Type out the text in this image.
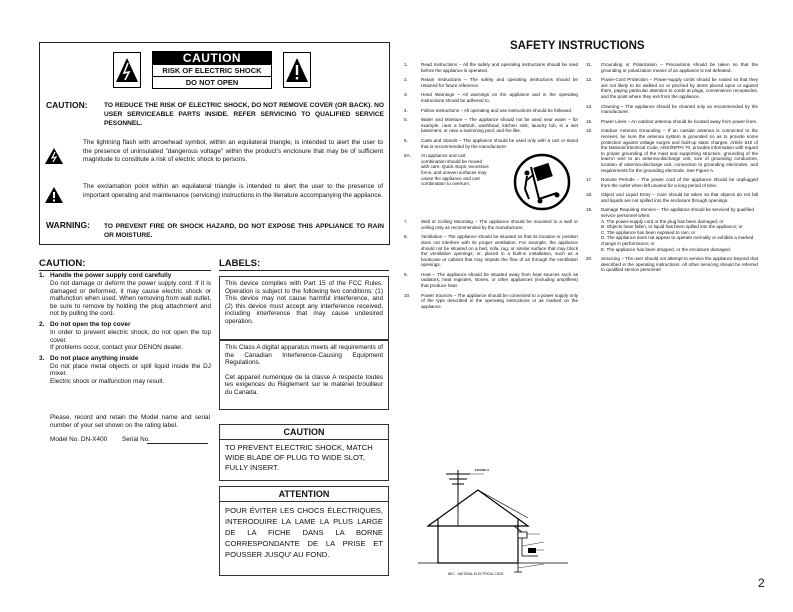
CAUTION
RISK OF ELECTRIC SHOCK
DO NOT OPEN
CAUTION: TO REDUCE THE RISK OF ELECTRIC SHOCK, DO NOT REMOVE COVER (OR BACK). NO USER SERVICEABLE PARTS INSIDE. REFER SERVICING TO QUALIFIED SERVICE PESONNEL.
The lightning flash with arrowhead symbol, within an equilateral triangle, is intended to alert the user to the presence of uninsulated "dangerous voltage" within the product's enclosure that may be of sufficient magnitude to constitute a risk of electric shock to persons.
The exclamation point within an equilateral triangle is intended to alert the user to the presence of important operating and maintenance (servicing) instructions in the literature accompanying the appliance.
WARNING: TO PREVENT FIRE OR SHOCK HAZARD, DO NOT EXPOSE THIS APPLIANCE TO RAIN OR MOISTURE.
CAUTION:
1. Handle the power supply cord carefully
Do not damage or deform the power supply cord. If it is damaged or deformed, it may cause electric shock or malfunction when used. When removing from wall outlet, be sure to remove by holding the plug attachment and not by pulling the cord.
2. Do not open the top cover
In order to prevent electric shock, do not open the top cover.
If problems occur, contact your DENON dealer.
3. Do not place anything inside
Do not place metal objects or spill liquid inside the DJ mixer.
Electric shock or malfunction may result.
Please, record and retain the Model name and serial number of your set shown on the rating label.
Model No. DN-X400 Serial No.
LABELS:
This device complies with Part 15 of the FCC Rules. Operation is subject to the following two conditions: (1) This device may not cause harmful interference, and (2) this device must accept any interference received, including interference that may cause undesired operation.
This Class A digital apparatus meets all requirements of the Canadian Interference-Causing Equipment Regulations.
Cet appareil numérique de la classe A respecte toutes les exigences du Règlement sur le matériel brouilleur du Canada.
CAUTION
TO PREVENT ELECTRIC SHOCK, MATCH WIDE BLADE OF PLUG TO WIDE SLOT, FULLY INSERT.
ATTENTION
POUR ÉVITER LES CHOCS ÉLECTRIQUES, INTERODUIRE LA LAME LA PLUS LARGE DE LA FICHE DANS LA BORNE CORRESPONDANTE DE LA PRISE ET POUSSER JUSQU' AU FOND.
SAFETY INSTRUCTIONS
1.	Read Instructions – All the safety and operating instructions should be read before the appliance is operated.
2.	Retain Instructions – The safety and operating instructions should be retained for future reference.
3.	Heed Warnings – All warnings on the appliance and in the operating instructions should be adhered to.
4.	Follow Instructions – All operating and use instructions should be followed.
5.	Water and Moisture – The appliance should not be used near water – for example, near a bathtub, washbowl, kitchen sink, laundry tub, in a wet basement, or near a swimming pool, and the like.
6.	Carts and Stands – The appliance should be used only with a cart or stand that is recommended by the manufacturer.
6A.	An appliance and cart combination should be moved with care. Quick stops, excessive force, and uneven surfaces may cause the appliance and cart combination to overturn.
7.	Wall or Ceiling Mounting – The appliance should be mounted to a wall or ceiling only as recommended by the manufacturer.
8.	Ventilation – The appliance should be situated so that its location or position does not interfere with its proper ventilation. For example, the appliance should not be situated on a bed, sofa, rug, or similar surface that may block the ventilation openings; or, placed in a built-in installation, such as a bookcase or cabinet that may impede the flow of air through the ventilation openings.
9.	Heat – The appliance should be situated away from heat sources such as radiators, heat registers, stoves, or other appliances (including amplifiers) that produce heat.
10.	Power Sources – The appliance should be connected to a power supply only of the type described in the operating instructions or as marked on the appliance.
FIGURE A
NEC - NATIONAL ELECTRICAL CODE
11.	Grounding or Polarization – Precautions should be taken so that the grounding or polarization means of an appliance is not defeated.
12.	Power-Cord Protection – Power-supply cords should be routed so that they are not likely to be walked on or pinched by items placed upon or against them, paying particular attention to cords at plugs, convenience receptacles, and the point where they exit from the appliance.
13.	Cleaning – The appliance should be cleaned only as recommended by the manufacturer.
15.	Power Lines – An outdoor antenna should be located away from power lines.
16.	Outdoor Antenna Grounding – If an outside antenna is connected to the receiver, be sure the antenna system is grounded so as to provide some protection against voltage surges and built-up static charges. Article 810 of the National Electrical Code, ANSI/NFPA 70, provides information with regard to proper grounding of the mast and supporting structure, grounding of the lead-in wire to an antenna-discharge unit, size of grounding conductors, location of antenna-discharge unit, connection to grounding electrodes, and requirements for the grounding electrode. See Figure A.
17.	Nonuse Periods – The power cord of the appliance should be unplugged from the outlet when left unused for a long period of time.
18.	Object and Liquid Entry – Care should be taken so that objects do not fall and liquids are not spilled into the enclosure through openings.
19.	Damage Requiring Service – The appliance should be serviced by qualified service personnel when:
A. The power-supply cord or the plug has been damaged; or
B. Objects have fallen, or liquid has been spilled into the appliance; or
C. The appliance has been exposed to rain; or
D. The appliance does not appear to operate normally or exhibits a marked change in performance; or
E. The appliance has been dropped, or the enclosure damaged.
20.	Servicing – The user should not attempt to service the appliance beyond that described in the operating instructions. All other servicing should be referred to qualified service personnel.
2
